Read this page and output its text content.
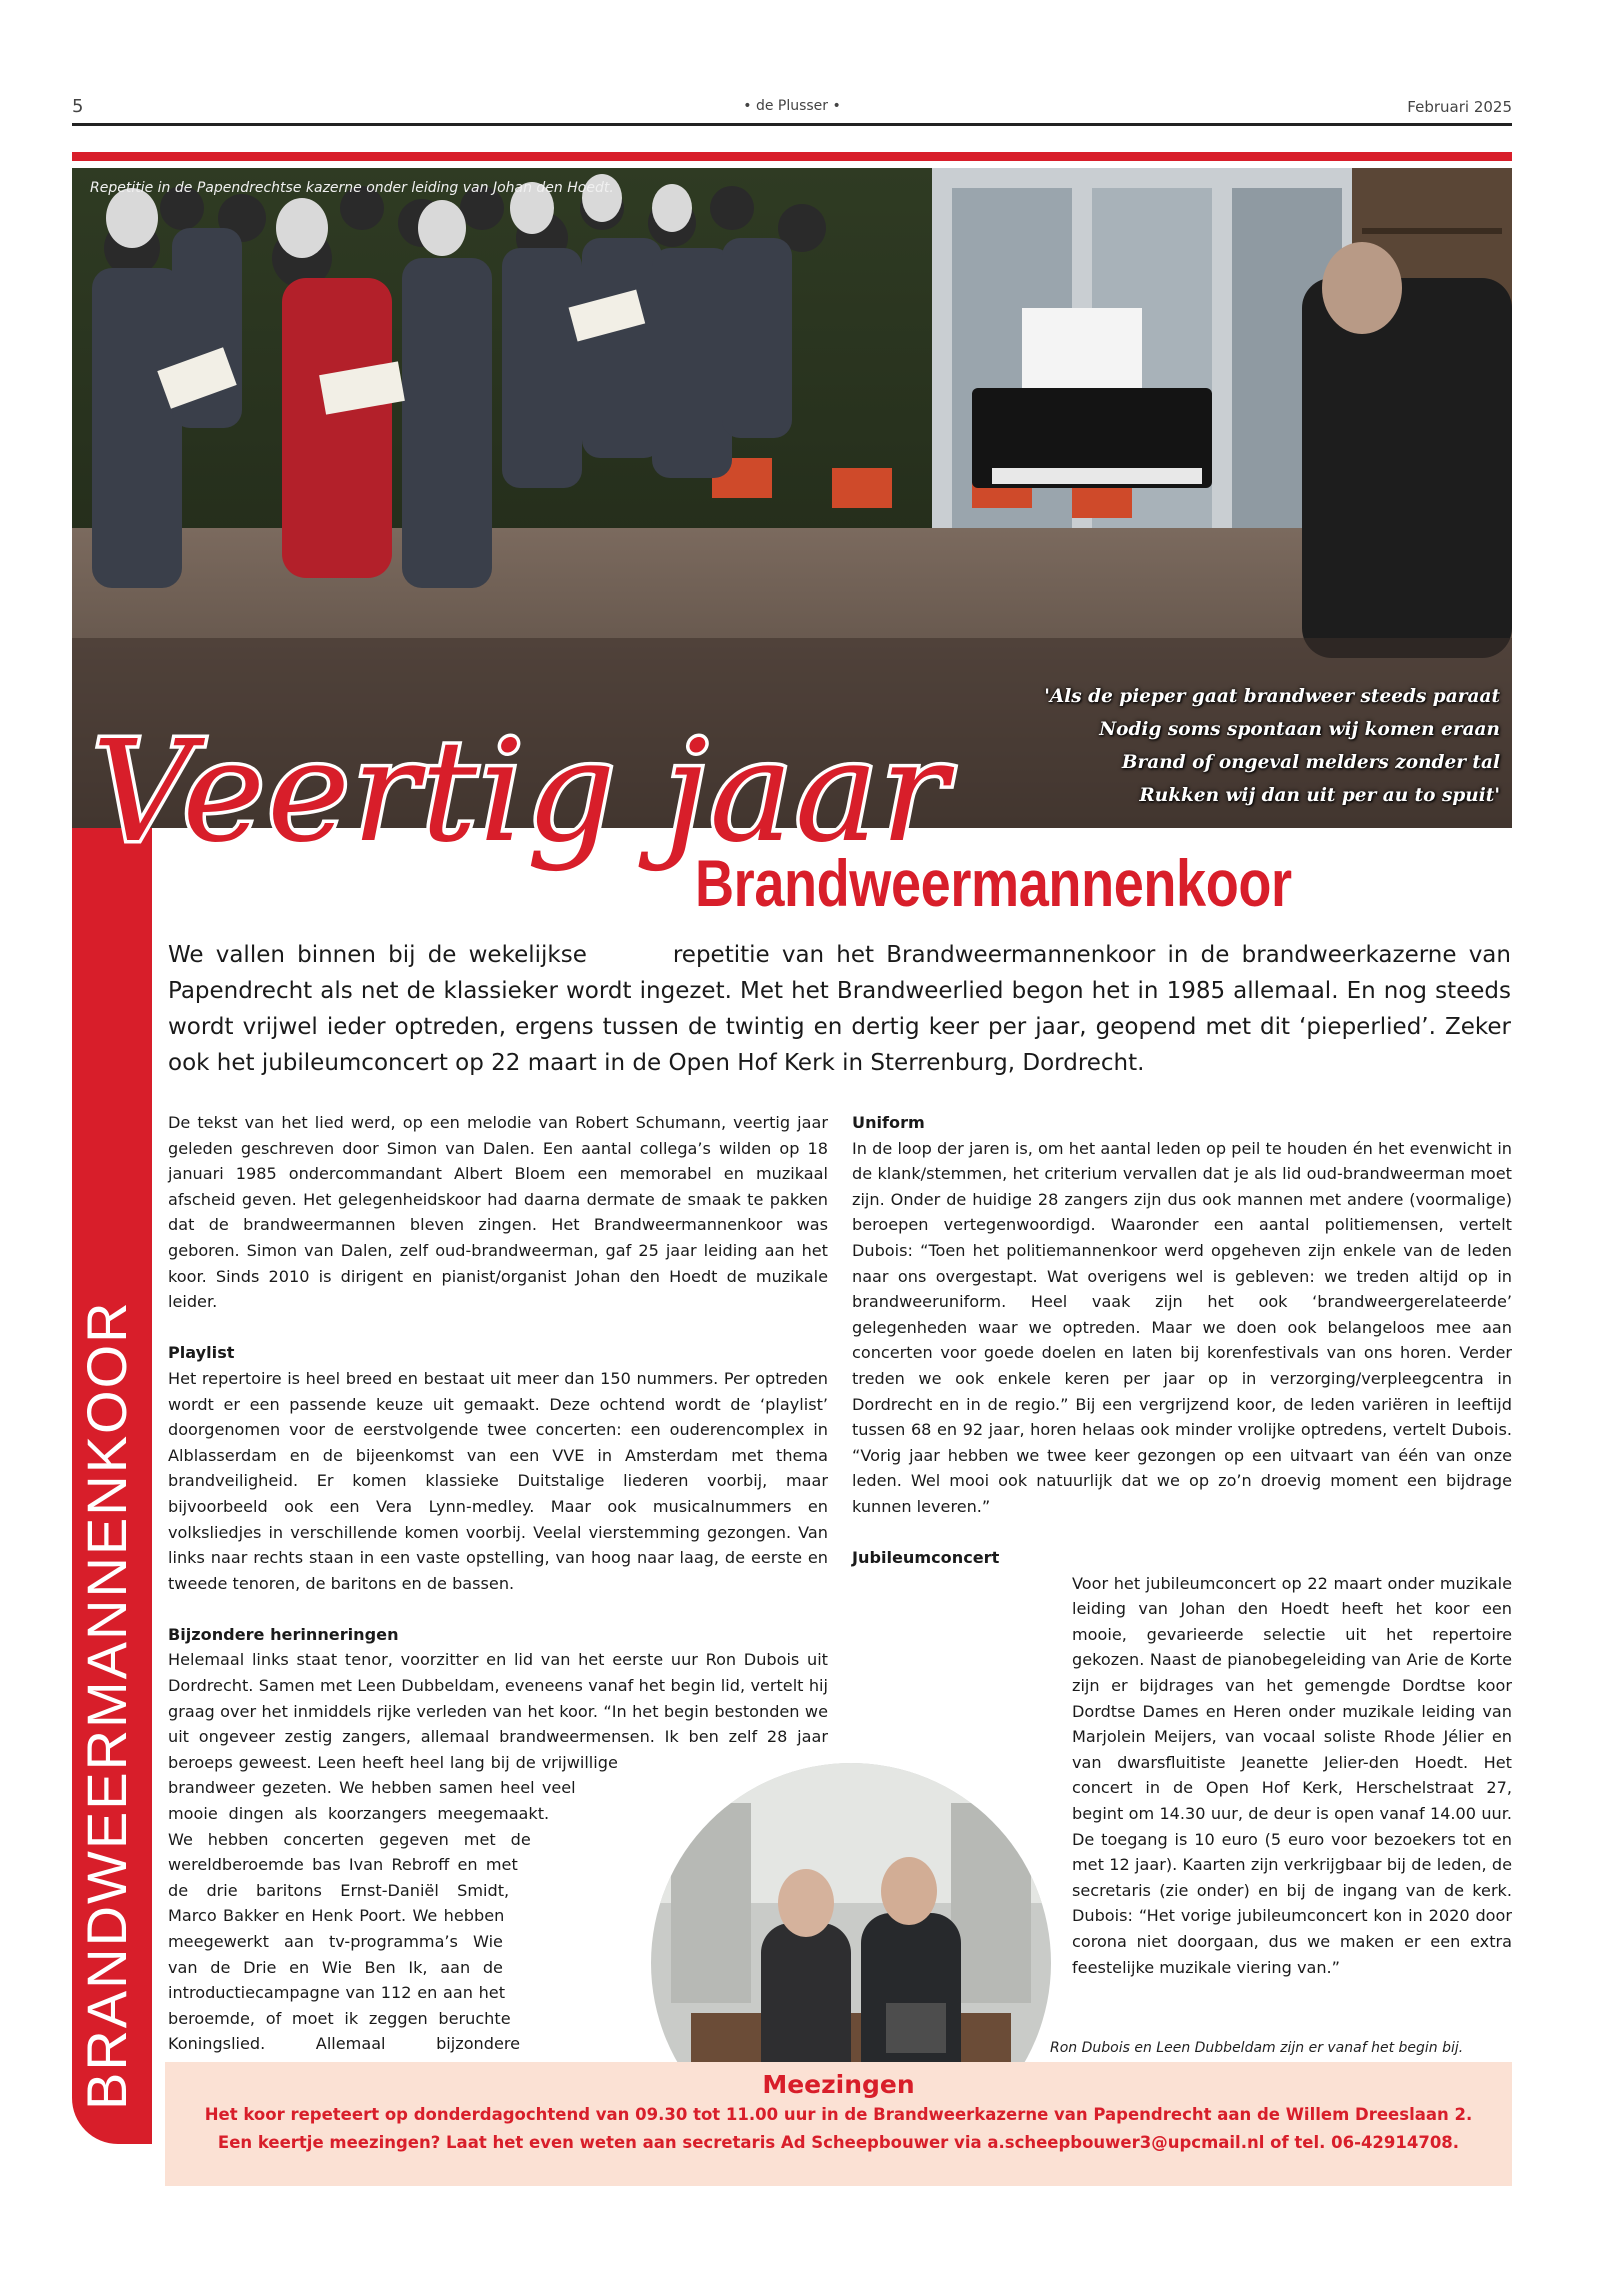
5	• de Plusser •	Februari 2025
Repetitie in de Papendrechtse kazerne onder leiding van Johan den Hoedt.
'Als de pieper gaat brandweer steeds paraat
Nodig soms spontaan wij komen eraan
Brand of ongeval melders zonder tal
Rukken wij dan uit per au to spuit'
BRANDWEERMANNENKOOR
Veertig jaar
Brandweermannenkoor
We vallen binnen bij de wekelijkse	repetitie van het Brandweermannenkoor in de brandweerkazerne van Papendrecht als net de klassieker wordt ingezet. Met het Brandweerlied begon het in 1985 allemaal. En nog steeds wordt vrijwel ieder optreden, ergens tussen de twintig en dertig keer per jaar, geopend met dit ‘pieperlied’. Zeker ook het jubileumconcert op 22 maart in de Open Hof Kerk in Sterrenburg, Dordrecht.

De tekst van het lied werd, op een melodie van Robert Schumann, veertig jaar geleden geschreven door Simon van Dalen. Een aantal collega’s wilden op 18 januari 1985 ondercommandant Albert Bloem een memorabel en muzikaal afscheid geven. Het gelegenheidskoor had daarna dermate de smaak te pakken dat de brandweermannen bleven zingen. Het Brandweermannenkoor was geboren. Simon van Dalen, zelf oud-brandweerman, gaf 25 jaar leiding aan het koor. Sinds 2010 is dirigent en pianist/organist Johan den Hoedt de muzikale leider.

Playlist

Het repertoire is heel breed en bestaat uit meer dan 150 nummers. Per optreden wordt er een passende keuze uit gemaakt. Deze ochtend wordt de ‘playlist’ doorgenomen voor de eerstvolgende twee concerten: een ouderencomplex in Alblasserdam en de bijeenkomst van een VVE in Amsterdam met thema brandveiligheid. Er komen klassieke Duitstalige liederen voorbij, maar bijvoorbeeld ook een Vera Lynn-medley. Maar ook musicalnummers en volksliedjes in verschillende komen voorbij. Veelal vierstemming gezongen. Van links naar rechts staan in een vaste opstelling, van hoog naar laag, de eerste en tweede tenoren, de baritons en de bassen.

Bijzondere herinneringen

Helemaal links staat tenor, voorzitter en lid van het eerste uur Ron Dubois uit Dordrecht. Samen met Leen Dubbeldam, eveneens vanaf het begin lid, vertelt hij graag over het inmiddels rijke verleden van het koor. “In het begin bestonden we uit ongeveer zestig zangers, allemaal brandweermensen. Ik ben zelf 28 jaar beroeps geweest. Leen heeft heel lang bij de vrijwillige brandweer gezeten. We hebben samen heel veel mooie dingen als koorzangers meegemaakt. We hebben concerten gegeven met de wereldberoemde bas Ivan Rebroff en met de drie baritons Ernst-Daniël Smidt, Marco Bakker en Henk Poort. We hebben meegewerkt aan tv-programma’s Wie van de Drie en Wie Ben Ik, aan de introductiecampagne van 112 en aan het beroemde, of moet ik zeggen beruchte Koningslied. Allemaal bijzondere

Uniform

In de loop der jaren is, om het aantal leden op peil te houden én het evenwicht in de klank/stemmen, het criterium vervallen dat je als lid oud-brandweerman moet zijn. Onder de huidige 28 zangers zijn dus ook mannen met andere (voormalige) beroepen vertegenwoordigd. Waaronder een aantal politiemensen, vertelt Dubois: “Toen het politiemannenkoor werd opgeheven zijn enkele van de leden naar ons overgestapt. Wat overigens wel is gebleven: we treden altijd op in brandweeruniform. Heel vaak zijn het ook ‘brandweergerelateerde’ gelegenheden waar we optreden. Maar we doen ook belangeloos mee aan concerten voor goede doelen en laten bij korenfestivals van ons horen. Verder treden we ook enkele keren per jaar op in verzorging/verpleegcentra in Dordrecht en in de regio.” Bij een vergrijzend koor, de leden variëren in leeftijd tussen 68 en 92 jaar, horen helaas ook minder vrolijke optredens, vertelt Dubois. “Vorig jaar hebben we twee keer gezongen op een uitvaart van één van onze leden. Wel mooi ook natuurlijk dat we op zo’n droevig moment een bijdrage kunnen leveren.”

Jubileumconcert

Voor het jubileumconcert op 22 maart onder muzikale leiding van Johan den Hoedt heeft het koor een mooie, gevarieerde selectie uit het repertoire gekozen. Naast de pianobegeleiding van Arie de Korte zijn er bijdrages van het gemengde Dordtse koor Dordtse Dames en Heren onder muzikale leiding van Marjolein Meijers, van vocaal soliste Rhode Jélier en van dwarsfluitiste Jeanette Jelier-den Hoedt. Het concert in de Open Hof Kerk, Herschelstraat 27, begint om 14.30 uur, de deur is open vanaf 14.00 uur. De toegang is 10 euro (5 euro voor bezoekers tot en met 12 jaar). Kaarten zijn verkrijgbaar bij de leden, de secretaris (zie onder) en bij de ingang van de kerk. Dubois: “Het vorige jubileumconcert kon in 2020 door corona niet doorgaan, dus we maken er een extra feestelijke muzikale viering van.”

Ron Dubois en Leen Dubbeldam zijn er vanaf het begin bij.
Meezingen
Het koor repeteert op donderdagochtend van 09.30 tot 11.00 uur in de Brandweerkazerne van Papendrecht aan de Willem Dreeslaan 2.
Een keertje meezingen? Laat het even weten aan secretaris Ad Scheepbouwer via a.scheepbouwer3@upcmail.nl of tel. 06-42914708.
